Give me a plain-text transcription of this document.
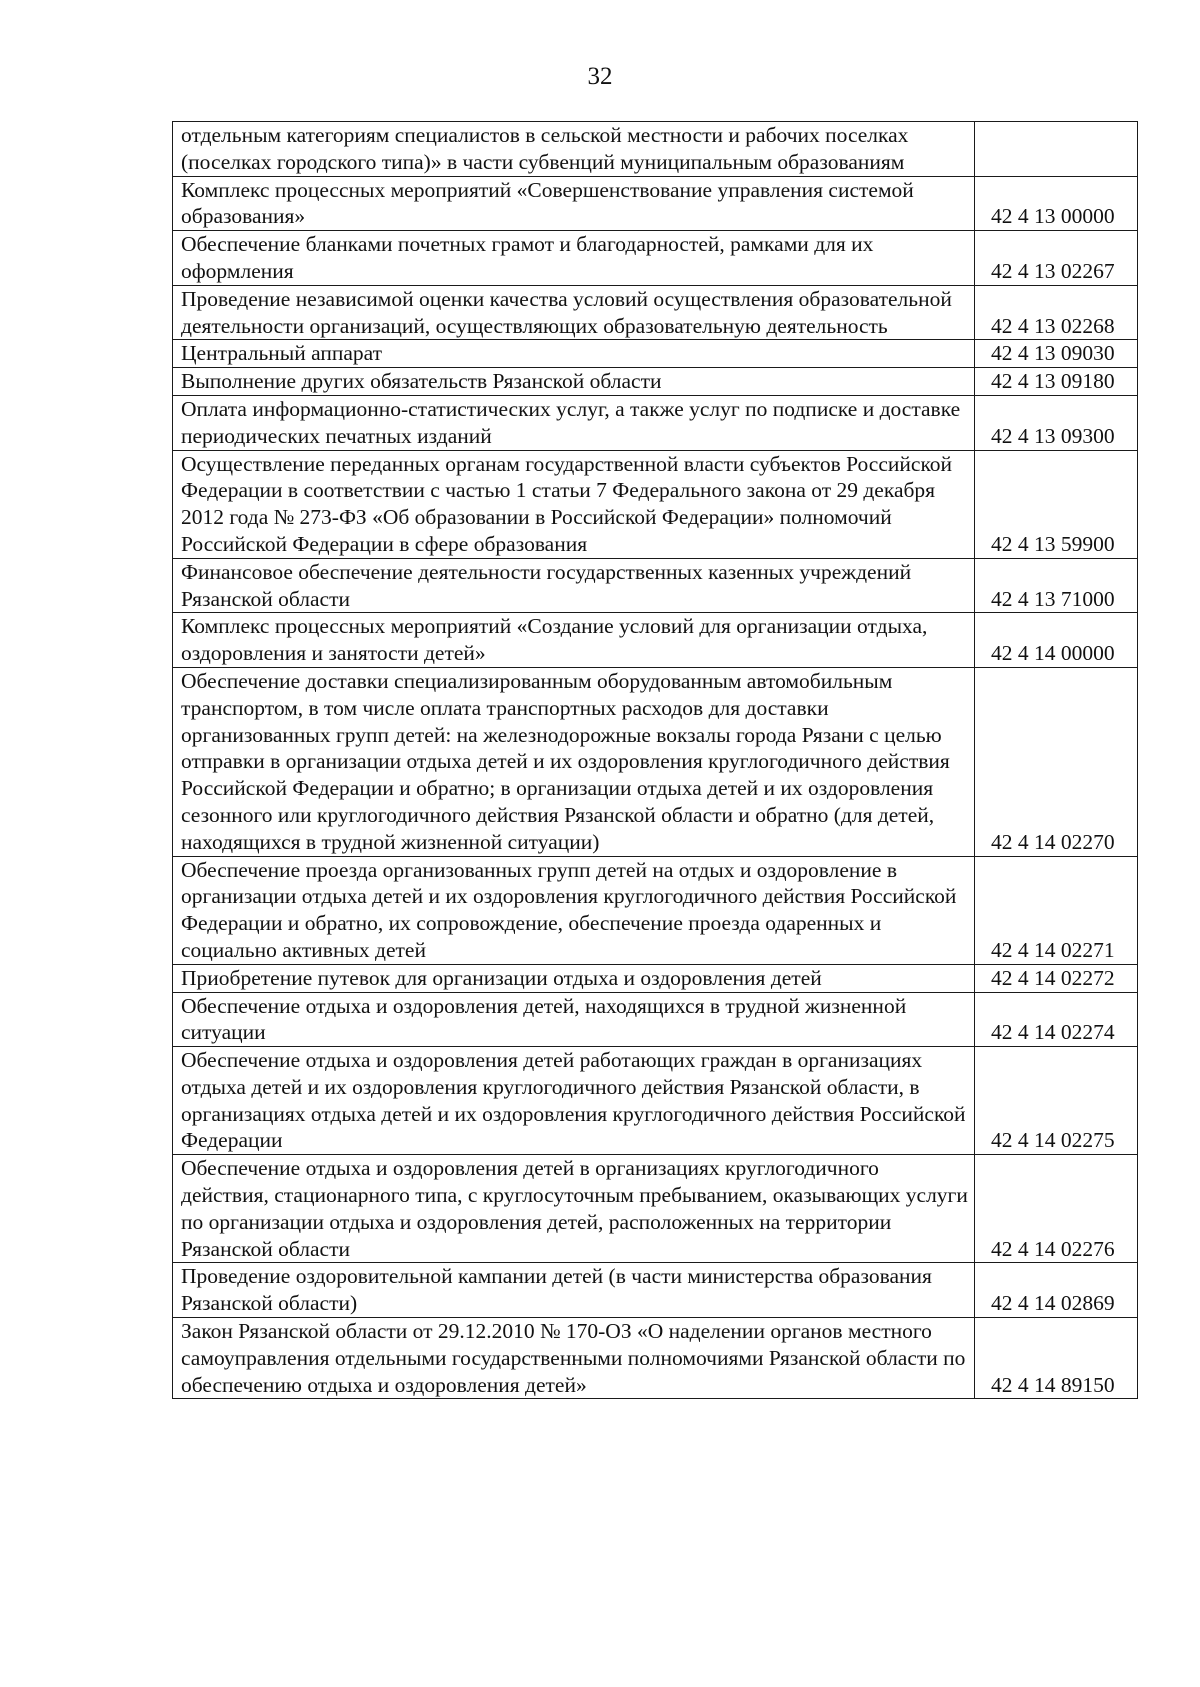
32
отдельным категориям специалистов в сельской местности и рабочих поселках (поселках городского типа)» в части субвенций муниципальным образованиям	
Комплекс процессных мероприятий «Совершенствование управления системой образования»	42 4 13 00000
Обеспечение бланками почетных грамот и благодарностей, рамками для их оформления	42 4 13 02267
Проведение независимой оценки качества условий осуществления образовательной деятельности организаций, осуществляющих образовательную деятельность	42 4 13 02268
Центральный аппарат	42 4 13 09030
Выполнение других обязательств Рязанской области	42 4 13 09180
Оплата информационно-статистических услуг, а также услуг по подписке и доставке периодических печатных изданий	42 4 13 09300
Осуществление переданных органам государственной власти субъектов Российской Федерации в соответствии с частью 1 статьи 7 Федерального закона от 29 декабря 2012 года № 273-ФЗ «Об образовании в Российской Федерации» полномочий Российской Федерации в сфере образования	42 4 13 59900
Финансовое обеспечение деятельности государственных казенных учреждений Рязанской области	42 4 13 71000
Комплекс процессных мероприятий «Создание условий для организации отдыха, оздоровления и занятости детей»	42 4 14 00000
Обеспечение доставки специализированным оборудованным автомобильным транспортом, в том числе оплата транспортных расходов для доставки организованных групп детей: на железнодорожные вокзалы города Рязани с целью отправки в организации отдыха детей и их оздоровления круглогодичного действия Российской Федерации и обратно; в организации отдыха детей и их оздоровления сезонного или круглогодичного действия Рязанской области и обратно (для детей, находящихся в трудной жизненной ситуации)	42 4 14 02270
Обеспечение проезда организованных групп детей на отдых и оздоровление в организации отдыха детей и их оздоровления круглогодичного действия Российской Федерации и обратно, их сопровождение, обеспечение проезда одаренных и социально активных детей	42 4 14 02271
Приобретение путевок для организации отдыха и оздоровления детей	42 4 14 02272
Обеспечение отдыха и оздоровления детей, находящихся в трудной жизненной ситуации	42 4 14 02274
Обеспечение отдыха и оздоровления детей работающих граждан в организациях отдыха детей и их оздоровления круглогодичного действия Рязанской области, в организациях отдыха детей и их оздоровления круглогодичного действия Российской Федерации	42 4 14 02275
Обеспечение отдыха и оздоровления детей в организациях круглогодичного действия, стационарного типа, с круглосуточным пребыванием, оказывающих услуги по организации отдыха и оздоровления детей, расположенных на территории Рязанской области	42 4 14 02276
Проведение оздоровительной кампании детей (в части министерства образования Рязанской области)	42 4 14 02869
Закон Рязанской области от 29.12.2010 № 170-ОЗ «О наделении органов местного самоуправления отдельными государственными полномочиями Рязанской области по обеспечению отдыха и оздоровления детей»	42 4 14 89150
